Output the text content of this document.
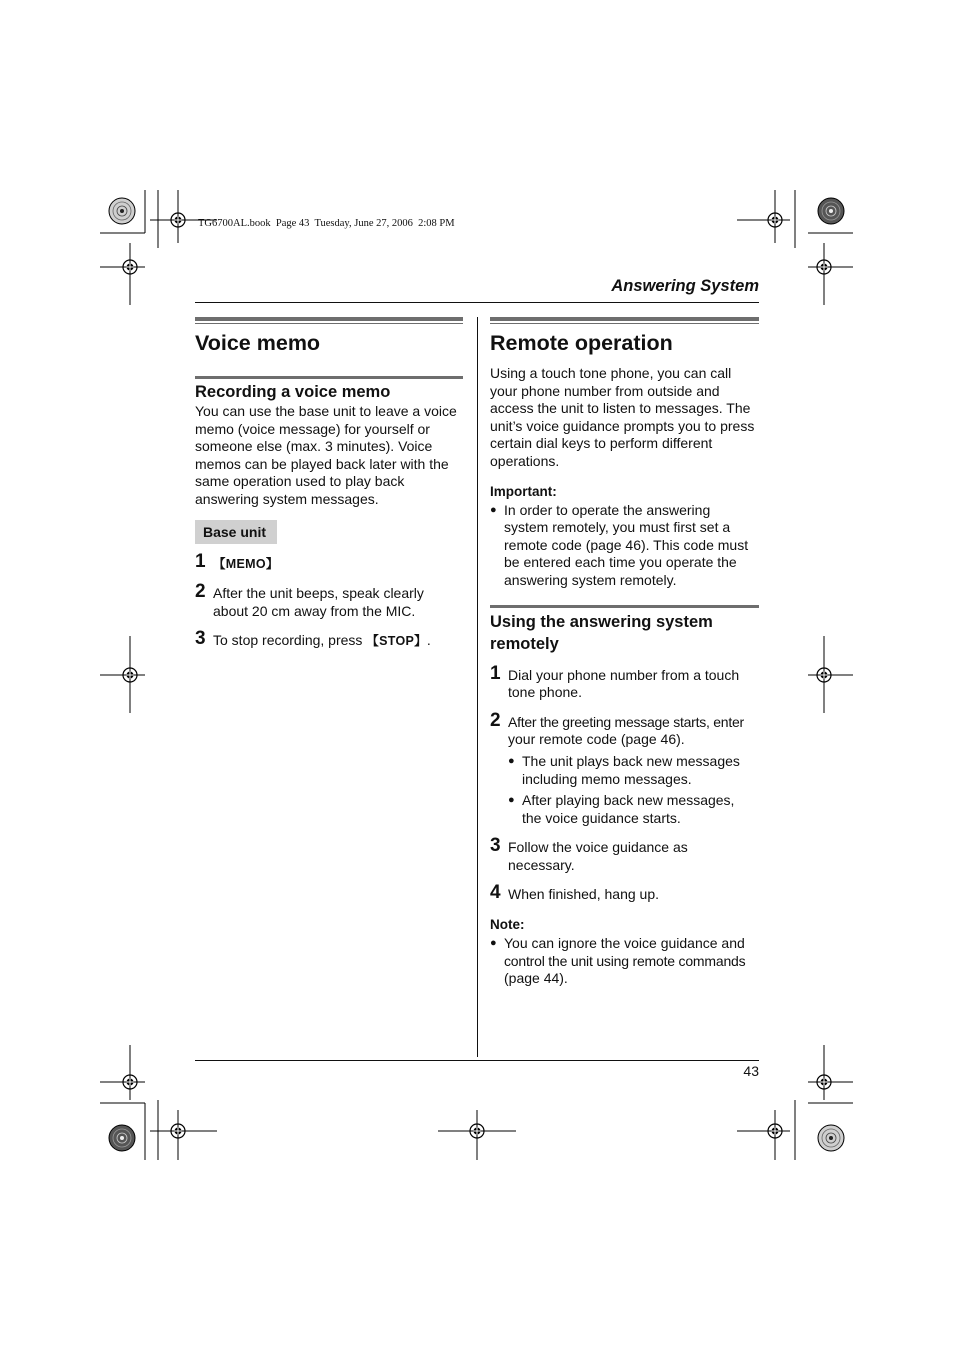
TG6700AL.book  Page 43  Tuesday, June 27, 2006  2:08 PM
Answering System
Voice memo
Recording a voice memo
You can use the base unit to leave a voice
memo (voice message) for yourself or
someone else (max. 3 minutes). Voice
memos can be played back later with the
same operation used to play back
answering system messages.
Base unit
1 【MEMO】
2 After the unit beeps, speak clearly
about 20 cm away from the MIC.
3 To stop recording, press 【STOP】.
Remote operation
Using a touch tone phone, you can call
your phone number from outside and
access the unit to listen to messages. The
unit’s voice guidance prompts you to press
certain dial keys to perform different
operations.
Important:
● In order to operate the answering
system remotely, you must first set a
remote code (page 46). This code must
be entered each time you operate the
answering system remotely.
Using the answering system
remotely
1 Dial your phone number from a touch
tone phone.
2 After the greeting message starts, enter
your remote code (page 46).
● The unit plays back new messages
including memo messages.
● After playing back new messages,
the voice guidance starts.
3 Follow the voice guidance as
necessary.
4 When finished, hang up.
Note:
● You can ignore the voice guidance and
control the unit using remote commands
(page 44).
43
